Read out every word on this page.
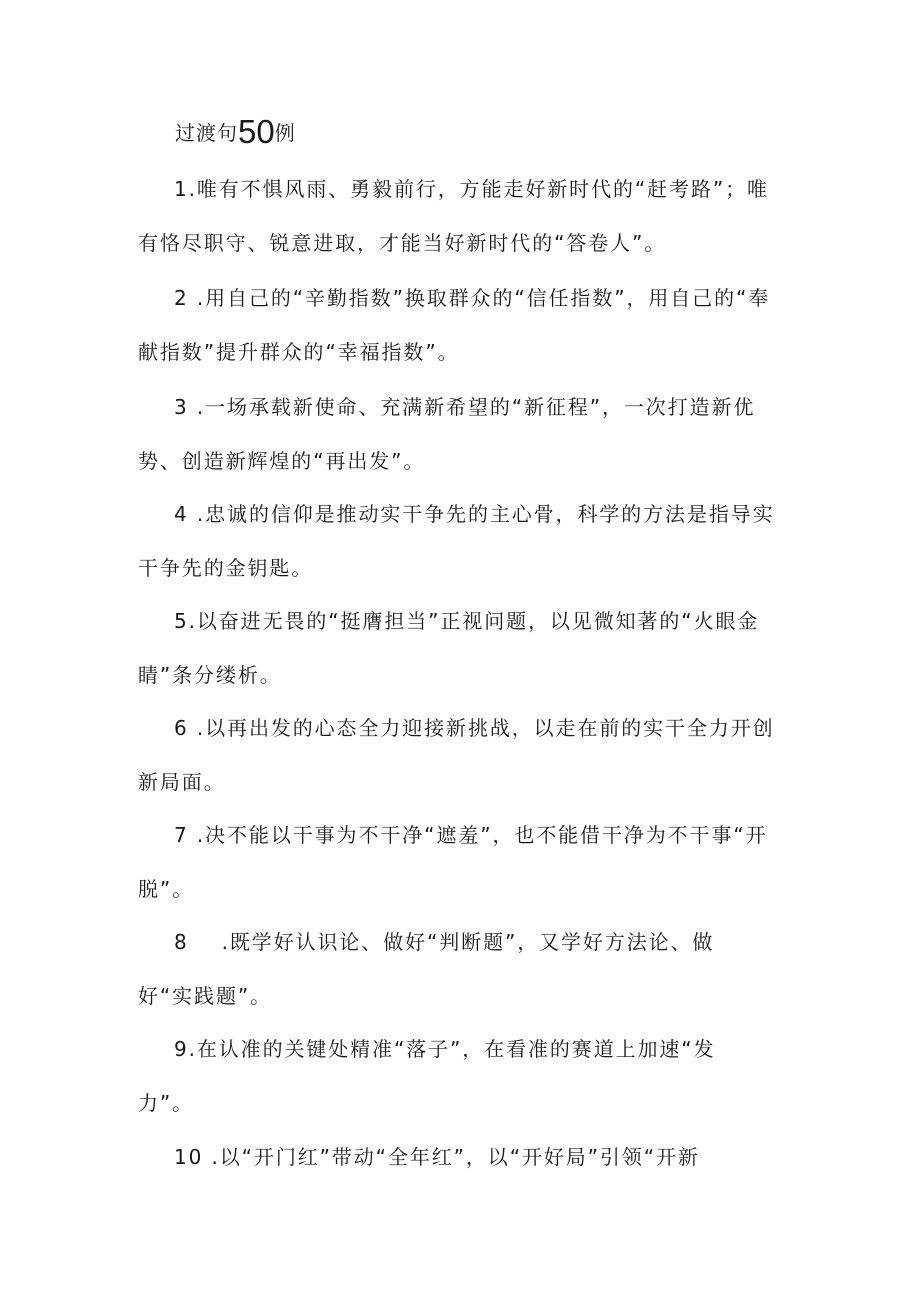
过渡句50例
1.唯有不惧风雨、勇毅前行，方能走好新时代的“赶考路”；唯
有恪尽职守、锐意进取，才能当好新时代的“答卷人”。
2 .用自己的“辛勤指数”换取群众的“信任指数”，用自己的“奉
献指数”提升群众的“幸福指数”。
3 .一场承载新使命、充满新希望的“新征程”，一次打造新优
势、创造新辉煌的“再出发”。
4 .忠诚的信仰是推动实干争先的主心骨，科学的方法是指导实
干争先的金钥匙。
5.以奋进无畏的“挺膺担当”正视问题，以见微知著的“火眼金
睛”条分缕析。
6 .以再出发的心态全力迎接新挑战，以走在前的实干全力开创
新局面。
7 .决不能以干事为不干净“遮羞”，也不能借干净为不干事“开
脱”。
8    .既学好认识论、做好“判断题”，又学好方法论、做
好“实践题”。
9.在认准的关键处精准“落子”，在看准的赛道上加速“发
力”。
10 .以“开门红”带动“全年红”，以“开好局”引领“开新
